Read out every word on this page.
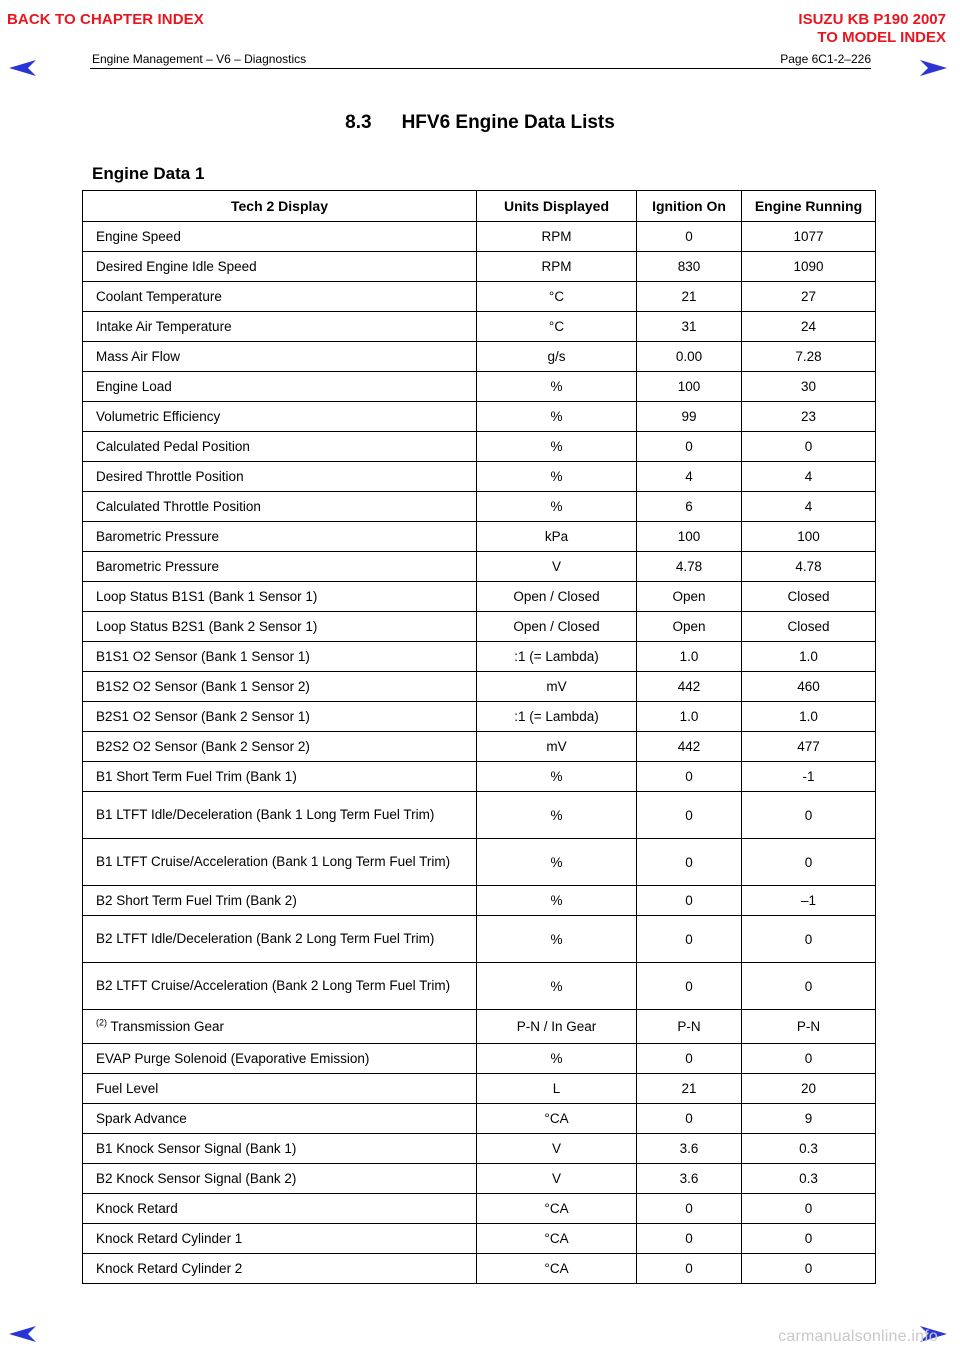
BACK TO CHAPTER INDEX	ISUZU KB P190 2007
TO MODEL INDEX
Engine Management – V6 – Diagnostics	Page 6C1-2–226
8.3 HFV6 Engine Data Lists
Engine Data 1
Tech 2 Display	Units Displayed	Ignition On	Engine Running
Engine Speed	RPM	0	1077
Desired Engine Idle Speed	RPM	830	1090
Coolant Temperature	°C	21	27
Intake Air Temperature	°C	31	24
Mass Air Flow	g/s	0.00	7.28
Engine Load	%	100	30
Volumetric Efficiency	%	99	23
Calculated Pedal Position	%	0	0
Desired Throttle Position	%	4	4
Calculated Throttle Position	%	6	4
Barometric Pressure	kPa	100	100
Barometric Pressure	V	4.78	4.78
Loop Status B1S1 (Bank 1 Sensor 1)	Open / Closed	Open	Closed
Loop Status B2S1 (Bank 2 Sensor 1)	Open / Closed	Open	Closed
B1S1 O2 Sensor (Bank 1 Sensor 1)	:1 (= Lambda)	1.0	1.0
B1S2 O2 Sensor (Bank 1 Sensor 2)	mV	442	460
B2S1 O2 Sensor (Bank 2 Sensor 1)	:1 (= Lambda)	1.0	1.0
B2S2 O2 Sensor (Bank 2 Sensor 2)	mV	442	477
B1 Short Term Fuel Trim (Bank 1)	%	0	-1
B1 LTFT Idle/Deceleration (Bank 1 Long Term Fuel Trim)	%	0	0
B1 LTFT Cruise/Acceleration (Bank 1 Long Term Fuel Trim)	%	0	0
B2 Short Term Fuel Trim (Bank 2)	%	0	–1
B2 LTFT Idle/Deceleration (Bank 2 Long Term Fuel Trim)	%	0	0
B2 LTFT Cruise/Acceleration (Bank 2 Long Term Fuel Trim)	%	0	0
$^{(2)}$ Transmission Gear	P-N / In Gear	P-N	P-N
EVAP Purge Solenoid (Evaporative Emission)	%	0	0
Fuel Level	L	21	20
Spark Advance	°CA	0	9
B1 Knock Sensor Signal (Bank 1)	V	3.6	0.3
B2 Knock Sensor Signal (Bank 2)	V	3.6	0.3
Knock Retard	°CA	0	0
Knock Retard Cylinder 1	°CA	0	0
Knock Retard Cylinder 2	°CA	0	0
carmanualsonline.info
